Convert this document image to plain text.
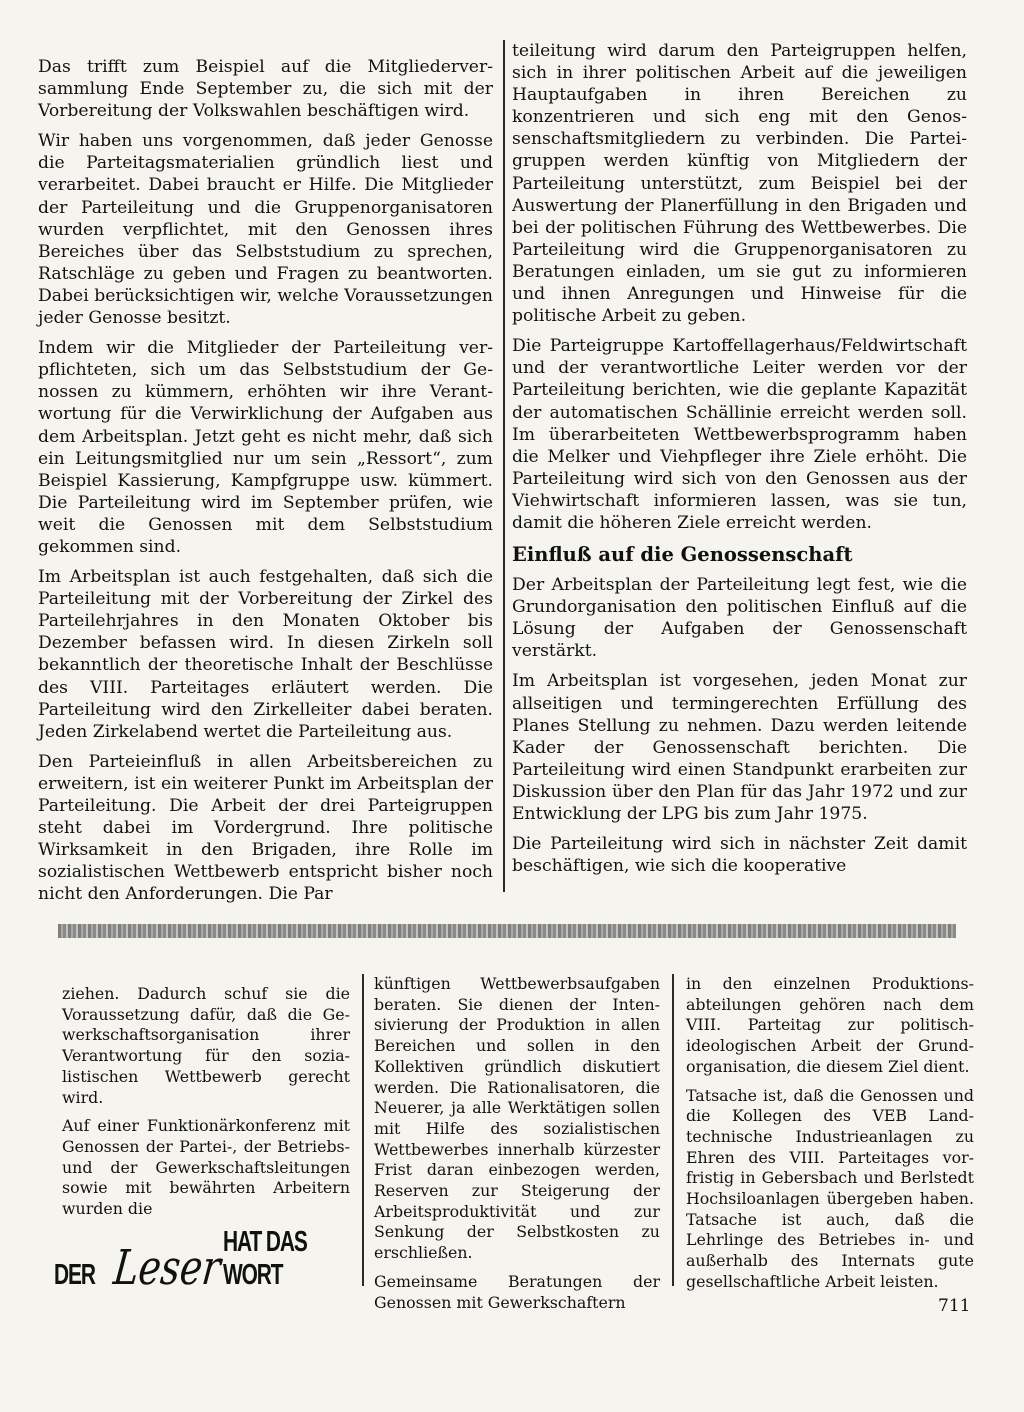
Das trifft zum Beispiel auf die Mitgliederversammlung Ende September zu, die sich mit der Vorbereitung der Volkswahlen beschäftigen wird.

Wir haben uns vorgenommen, daß jeder Genosse die Parteitagsmaterialien gründlich liest und verarbeitet. Dabei braucht er Hilfe. Die Mitglieder der Parteileitung und die Gruppenorganisatoren wurden verpflichtet, mit den Genossen ihres Bereiches über das Selbststudium zu sprechen, Ratschläge zu geben und Fragen zu beantworten. Dabei berücksichtigen wir, welche Voraussetzungen jeder Genosse besitzt.

Indem wir die Mitglieder der Parteileitung verpflichteten, sich um das Selbststudium der Genossen zu kümmern, erhöhten wir ihre Verantwortung für die Verwirklichung der Aufgaben aus dem Arbeitsplan. Jetzt geht es nicht mehr, daß sich ein Leitungsmitglied nur um sein „Ressort“, zum Beispiel Kassierung, Kampfgruppe usw. kümmert. Die Parteileitung wird im September prüfen, wie weit die Genossen mit dem Selbststudium gekommen sind.

Im Arbeitsplan ist auch festgehalten, daß sich die Parteileitung mit der Vorbereitung der Zirkel des Parteilehrjahres in den Monaten Oktober bis Dezember befassen wird. In diesen Zirkeln soll bekanntlich der theoretische Inhalt der Beschlüsse des VIII. Parteitages erläutert werden. Die Parteileitung wird den Zirkelleiter dabei beraten. Jeden Zirkelabend wertet die Parteileitung aus.

Den Parteieinfluß in allen Arbeitsbereichen zu erweitern, ist ein weiterer Punkt im Arbeitsplan der Parteileitung. Die Arbeit der drei Parteigruppen steht dabei im Vordergrund. Ihre politische Wirksamkeit in den Brigaden, ihre Rolle im sozialistischen Wettbewerb entspricht bisher noch nicht den Anforderungen. Die Par

teileitung wird darum den Parteigruppen helfen, sich in ihrer politischen Arbeit auf die jeweiligen Hauptaufgaben in ihren Bereichen zu konzentrieren und sich eng mit den Genossenschaftsmitgliedern zu verbinden. Die Parteigruppen werden künftig von Mitgliedern der Parteileitung unterstützt, zum Beispiel bei der Auswertung der Planerfüllung in den Brigaden und bei der politischen Führung des Wettbewerbes. Die Parteileitung wird die Gruppenorganisatoren zu Beratungen einladen, um sie gut zu informieren und ihnen Anregungen und Hinweise für die politische Arbeit zu geben.

Die Parteigruppe Kartoffellagerhaus/Feldwirtschaft und der verantwortliche Leiter werden vor der Parteileitung berichten, wie die geplante Kapazität der automatischen Schällinie erreicht werden soll. Im überarbeiteten Wettbewerbsprogramm haben die Melker und Viehpfleger ihre Ziele erhöht. Die Parteileitung wird sich von den Genossen aus der Viehwirtschaft informieren lassen, was sie tun, damit die höheren Ziele erreicht werden.

Einfluß auf die Genossenschaft

Der Arbeitsplan der Parteileitung legt fest, wie die Grundorganisation den politischen Einfluß auf die Lösung der Aufgaben der Genossenschaft verstärkt.

Im Arbeitsplan ist vorgesehen, jeden Monat zur allseitigen und termingerechten Erfüllung des Planes Stellung zu nehmen. Dazu werden leitende Kader der Genossenschaft berichten. Die Parteileitung wird einen Standpunkt erarbeiten zur Diskussion über den Plan für das Jahr 1972 und zur Entwicklung der LPG bis zum Jahr 1975.

Die Parteileitung wird sich in nächster Zeit damit beschäftigen, wie sich die kooperative

ziehen. Dadurch schuf sie die Voraussetzung dafür, daß die Gewerkschaftsorganisation ihrer Verantwortung für den sozialistischen Wettbewerb gerecht wird.

Auf einer Funktionärkonferenz mit Genossen der Partei-, der Betriebs- und der Gewerkschaftsleitungen sowie mit bewährten Arbeitern wurden die

künftigen Wettbewerbsaufgaben beraten. Sie dienen der Intensivierung der Produktion in allen Bereichen und sollen in den Kollektiven gründlich diskutiert werden. Die Rationalisatoren, die Neuerer, ja alle Werktätigen sollen mit Hilfe des sozialistischen Wettbewerbes innerhalb kürzester Frist daran einbezogen werden, Reserven zur Steigerung der Arbeitsproduktivität und zur Senkung der Selbstkosten zu erschließen.

Gemeinsame Beratungen der Genossen mit Gewerkschaftern

in den einzelnen Produktionsabteilungen gehören nach dem VIII. Parteitag zur politisch-ideologischen Arbeit der Grundorganisation, die diesem Ziel dient.

Tatsache ist, daß die Genossen und die Kollegen des VEB Landtechnische Industrieanlagen zu Ehren des VIII. Parteitages vorfristig in Gebersbach und Berlstedt Hochsiloanlagen übergeben haben. Tatsache ist auch, daß die Lehrlinge des Betriebes in- und außerhalb des Internats gute gesellschaftliche Arbeit leisten.

DER Leser HAT DAS WORT
711
